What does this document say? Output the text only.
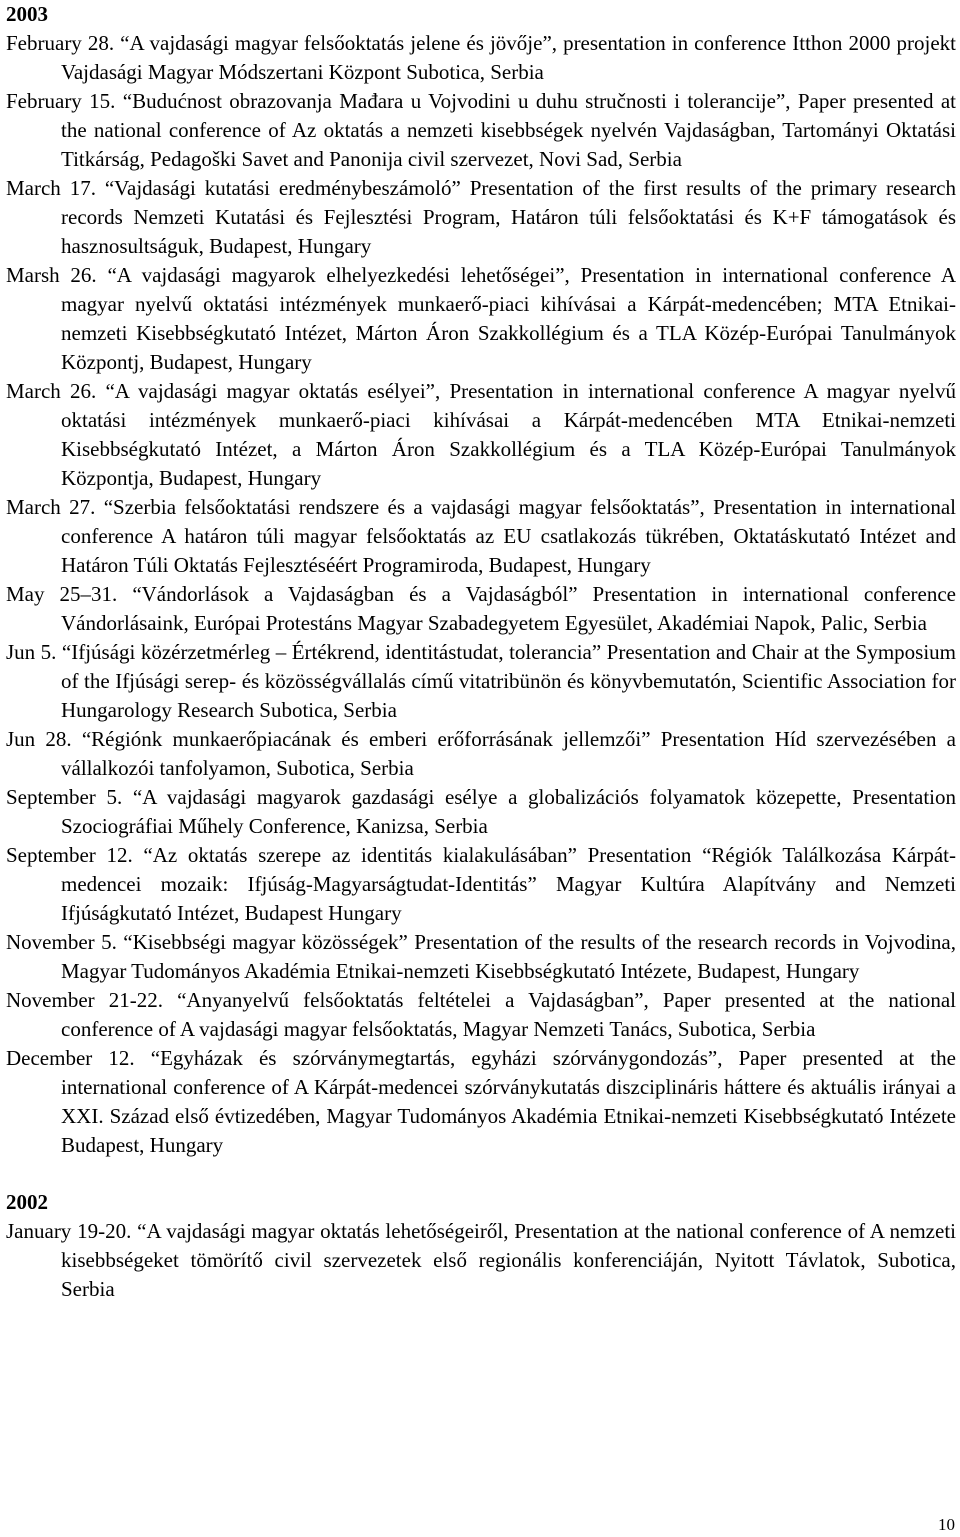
2003

February 28. “A vajdasági magyar felsőoktatás jelene és jövője”, presentation in conference Itthon 2000 projekt Vajdasági Magyar Módszertani Központ Subotica, Serbia

February 15. “Budućnost obrazovanja Mađara u Vojvodini u duhu stručnosti i tolerancije”, Paper presented at the national conference of Az oktatás a nemzeti kisebbségek nyelvén Vajdaságban, Tartományi Oktatási Titkárság, Pedagoški Savet and Panonija civil szervezet, Novi Sad, Serbia

March 17. “Vajdasági kutatási eredménybeszámoló” Presentation of the first results of the primary research records Nemzeti Kutatási és Fejlesztési Program, Határon túli felsőoktatási és K+F támogatások és hasznosultságuk, Budapest, Hungary

Marsh 26. “A vajdasági magyarok elhelyezkedési lehetőségei”, Presentation in international conference A magyar nyelvű oktatási intézmények munkaerő-piaci kihívásai a Kárpát-medencében; MTA Etnikai-nemzeti Kisebbségkutató Intézet, Márton Áron Szakkollégium és a TLA Közép-Európai Tanulmányok Központj, Budapest, Hungary

March 26. “A vajdasági magyar oktatás esélyei”, Presentation in international conference A magyar nyelvű oktatási intézmények munkaerő-piaci kihívásai a Kárpát-medencében MTA Etnikai-nemzeti Kisebbségkutató Intézet, a Márton Áron Szakkollégium és a TLA Közép-Európai Tanulmányok Központja, Budapest, Hungary

March 27. “Szerbia felsőoktatási rendszere és a vajdasági magyar felsőoktatás”, Presentation in international conference A határon túli magyar felsőoktatás az EU csatlakozás tükrében, Oktatáskutató Intézet and Határon Túli Oktatás Fejlesztéséért Programiroda, Budapest, Hungary

May 25–31. “Vándorlások a Vajdaságban és a Vajdaságból” Presentation in international conference Vándorlásaink, Európai Protestáns Magyar Szabadegyetem Egyesület, Akadémiai Napok, Palic, Serbia

Jun 5. “Ifjúsági közérzetmérleg – Értékrend, identitástudat, tolerancia” Presentation and Chair at the Symposium of the Ifjúsági serep- és közösségvállalás című vitatribünön és könyvbemutatón, Scientific Association for Hungarology Research Subotica, Serbia

Jun 28. “Régiónk munkaerőpiacának és emberi erőforrásának jellemzői” Presentation Híd szervezésében a vállalkozói tanfolyamon, Subotica, Serbia

September 5. “A vajdasági magyarok gazdasági esélye a globalizációs folyamatok közepette, Presentation Szociográfiai Műhely Conference, Kanizsa, Serbia

September 12. “Az oktatás szerepe az identitás kialakulásában” Presentation “Régiók Találkozása Kárpát-medencei mozaik: Ifjúság-Magyarságtudat-Identitás” Magyar Kultúra Alapítvány and Nemzeti Ifjúságkutató Intézet, Budapest Hungary

November 5. “Kisebbségi magyar közösségek” Presentation of the results of the research records in Vojvodina, Magyar Tudományos Akadémia Etnikai-nemzeti Kisebbségkutató Intézete, Budapest, Hungary

November 21-22. “Anyanyelvű felsőoktatás feltételei a Vajdaságban”, Paper presented at the national conference of A vajdasági magyar felsőoktatás, Magyar Nemzeti Tanács, Subotica, Serbia

December 12. “Egyházak és szórványmegtartás, egyházi szórványgondozás”, Paper presented at the international conference of A Kárpát-medencei szórványkutatás diszciplináris háttere és aktuális irányai a XXI. Század első évtizedében, Magyar Tudományos Akadémia Etnikai-nemzeti Kisebbségkutató Intézete Budapest, Hungary

2002

January 19-20. “A vajdasági magyar oktatás lehetőségeiről, Presentation at the national conference of A nemzeti kisebbségeket tömörítő civil szervezetek első regionális konferenciáján, Nyitott Távlatok, Subotica, Serbia

10
